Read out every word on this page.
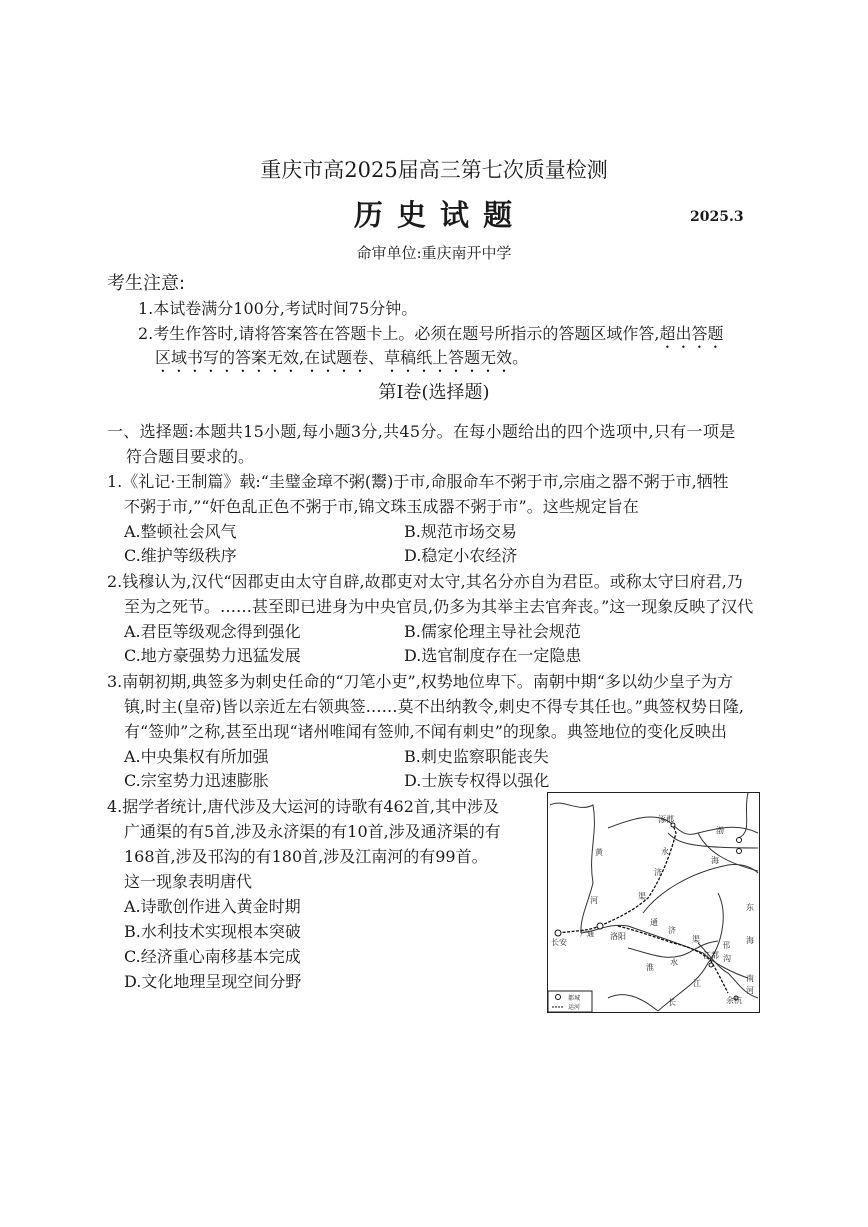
重庆市高2025届高三第七次质量检测
历 史 试 题	2025.3
命审单位:重庆南开中学
考生注意:
1.本试卷满分100分,考试时间75分钟。
2.考生作答时,请将答案答在答题卡上。必须在题号所指示的答题区域作答,超出答题
区域书写的答案无效,在试题卷、草稿纸上答题无效。
第Ⅰ卷(选择题)
一、选择题:本题共15小题,每小题3分,共45分。在每小题给出的四个选项中,只有一项是
符合题目要求的。
1.《礼记·王制篇》载:“圭璧金璋不粥(鬻)于市,命服命车不粥于市,宗庙之器不粥于市,牺牲
不粥于市,”“奸色乱正色不粥于市,锦文珠玉成器不粥于市”。这些规定旨在
A.整顿社会风气	B.规范市场交易
C.维护等级秩序	D.稳定小农经济
2.钱穆认为,汉代“因郡吏由太守自辟,故郡吏对太守,其名分亦自为君臣。或称太守曰府君,乃
至为之死节。……甚至即已进身为中央官员,仍多为其举主去官奔丧。”这一现象反映了汉代
A.君臣等级观念得到强化	B.儒家伦理主导社会规范
C.地方豪强势力迅猛发展	D.选官制度存在一定隐患
3.南朝初期,典签多为刺史任命的“刀笔小吏”,权势地位卑下。南朝中期“多以幼少皇子为方
镇,时主(皇帝)皆以亲近左右领典签……莫不出纳教令,刺史不得专其任也。”典签权势日隆,
有“签帅”之称,甚至出现“诸州唯闻有签帅,不闻有刺史”的现象。典签地位的变化反映出
A.中央集权有所加强	B.刺史监察职能丧失
C.宗室势力迅速膨胀	D.士族专权得以强化
4.据学者统计,唐代涉及大运河的诗歌有462首,其中涉及
广通渠的有5首,涉及永济渠的有10首,涉及通济渠的有
168首,涉及邗沟的有180首,涉及江南河的有99首。
这一现象表明唐代
A.诗歌创作进入黄金时期
B.水利技术实现根本突破
C.经济重心南移基本完成
D.文化地理呈现空间分野
涿郡
渤
海
黄
河
永
济
渠
通
济
渠
广通
长安
洛阳
淮
水
江都
邗
沟
江
长
南
河
余杭
东
海
都城
运河
